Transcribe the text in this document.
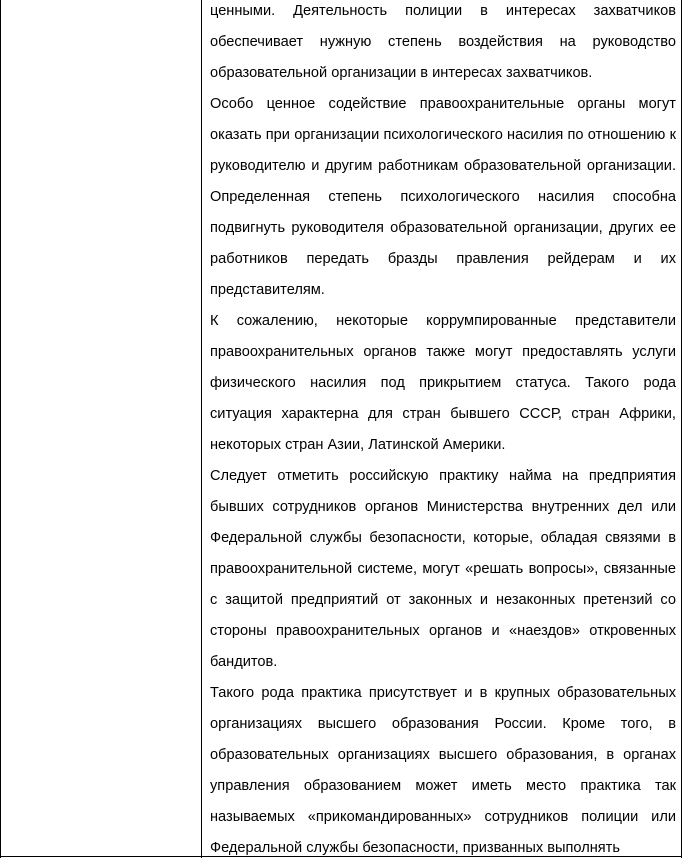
ценными. Деятельность полиции в интересах захватчиков обеспечивает нужную степень воздействия на руководство образовательной организации в интересах захватчиков.

Особо ценное содействие правоохранительные органы могут оказать при организации психологического насилия по отношению к руководителю и другим работникам образовательной организации. Определенная степень психологического насилия способна подвигнуть руководителя образовательной организации, других ее работников передать бразды правления рейдерам и их представителям.

К сожалению, некоторые коррумпированные представители правоохранительных органов также могут предоставлять услуги физического насилия под прикрытием статуса. Такого рода ситуация характерна для стран бывшего СССР, стран Африки, некоторых стран Азии, Латинской Америки.

Следует отметить российскую практику найма на предприятия бывших сотрудников органов Министерства внутренних дел или Федеральной службы безопасности, которые, обладая связями в правоохранительной системе, могут «решать вопросы», связанные с защитой предприятий от законных и незаконных претензий со стороны правоохранительных органов и «наездов» откровенных бандитов.

Такого рода практика присутствует и в крупных образовательных организациях высшего образования России. Кроме того, в образовательных организациях высшего образования, в органах управления образованием может иметь место практика так называемых «прикомандированных» сотрудников полиции или Федеральной службы безопасности, призванных выполнять
